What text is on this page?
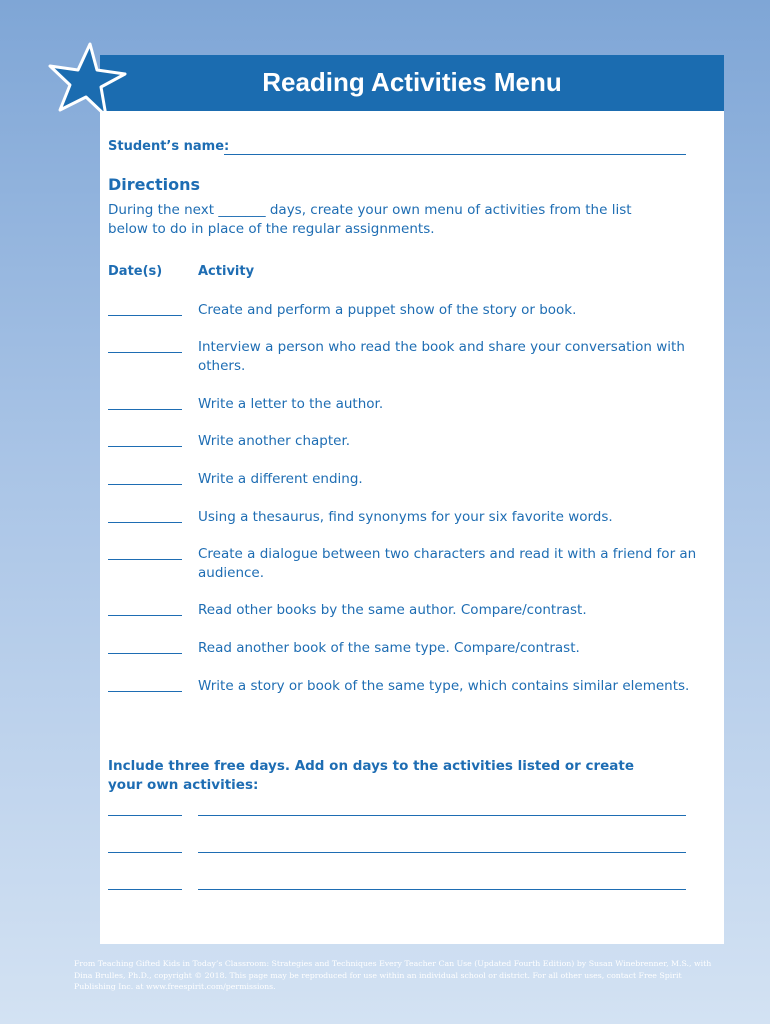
Reading Activities Menu
Student’s name:
Directions
During the next _______ days, create your own menu of activities from the list below to do in place of the regular assignments.
Date(s)	Activity
Create and perform a puppet show of the story or book.
Interview a person who read the book and share your conversation with others.
Write a letter to the author.
Write another chapter.
Write a different ending.
Using a thesaurus, find synonyms for your six favorite words.
Create a dialogue between two characters and read it with a friend for an audience.
Read other books by the same author. Compare/contrast.
Read another book of the same type. Compare/contrast.
Write a story or book of the same type, which contains similar elements.
Include three free days. Add on days to the activities listed or create your own activities:
From Teaching Gifted Kids in Today’s Classroom: Strategies and Techniques Every Teacher Can Use (Updated Fourth Edition) by Susan Winebrenner, M.S., with Dina Brulles, Ph.D., copyright © 2018. This page may be reproduced for use within an individual school or district. For all other uses, contact Free Spirit Publishing Inc. at www.freespirit.com/permissions.
